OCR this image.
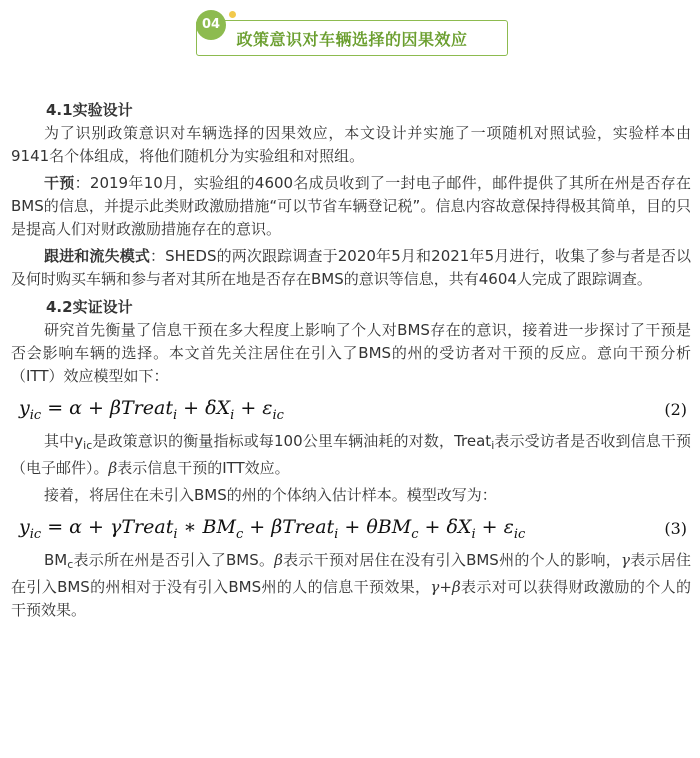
政策意识对车辆选择的因果效应
04
4.1实验设计

为了识别政策意识对车辆选择的因果效应，本文设计并实施了一项随机对照试验，实验样本由9141名个体组成，将他们随机分为实验组和对照组。

干预：2019年10月，实验组的4600名成员收到了一封电子邮件，邮件提供了其所在州是否存在BMS的信息，并提示此类财政激励措施“可以节省车辆登记税”。信息内容故意保持得极其简单，目的只是提高人们对财政激励措施存在的意识。

跟进和流失模式：SHEDS的两次跟踪调查于2020年5月和2021年5月进行，收集了参与者是否以及何时购买车辆和参与者对其所在地是否存在BMS的意识等信息，共有4604人完成了跟踪调查。

4.2实证设计

研究首先衡量了信息干预在多大程度上影响了个人对BMS存在的意识，接着进一步探讨了干预是否会影响车辆的选择。本文首先关注居住在引入了BMS的州的受访者对干预的反应。意向干预分析（ITT）效应模型如下：

$y_{ic} = \alpha$ + βTreat$_i$ + $\delta X_i + \varepsilon_{ic}$	(2)

其中$y_{ic}$是政策意识的衡量指标或每100公里车辆油耗的对数，Treat$_i$表示受访者是否收到信息干预（电子邮件）。β表示信息干预的ITT效应。

接着，将居住在未引入BMS的州的个体纳入估计样本。模型改写为：

$y_{ic} = \alpha$ + γTreat$_i$ ∗ $BM_c$ + βTreat$_i$ + $\theta BM_c + \delta X_i + \varepsilon_{ic}$	(3)

$BM_c$表示所在州是否引入了BMS。β表示干预对居住在没有引入BMS州的个人的影响，γ表示居住在引入BMS的州相对于没有引入BMS州的人的信息干预效果，γ+β表示对可以获得财政激励的个人的干预效果。
